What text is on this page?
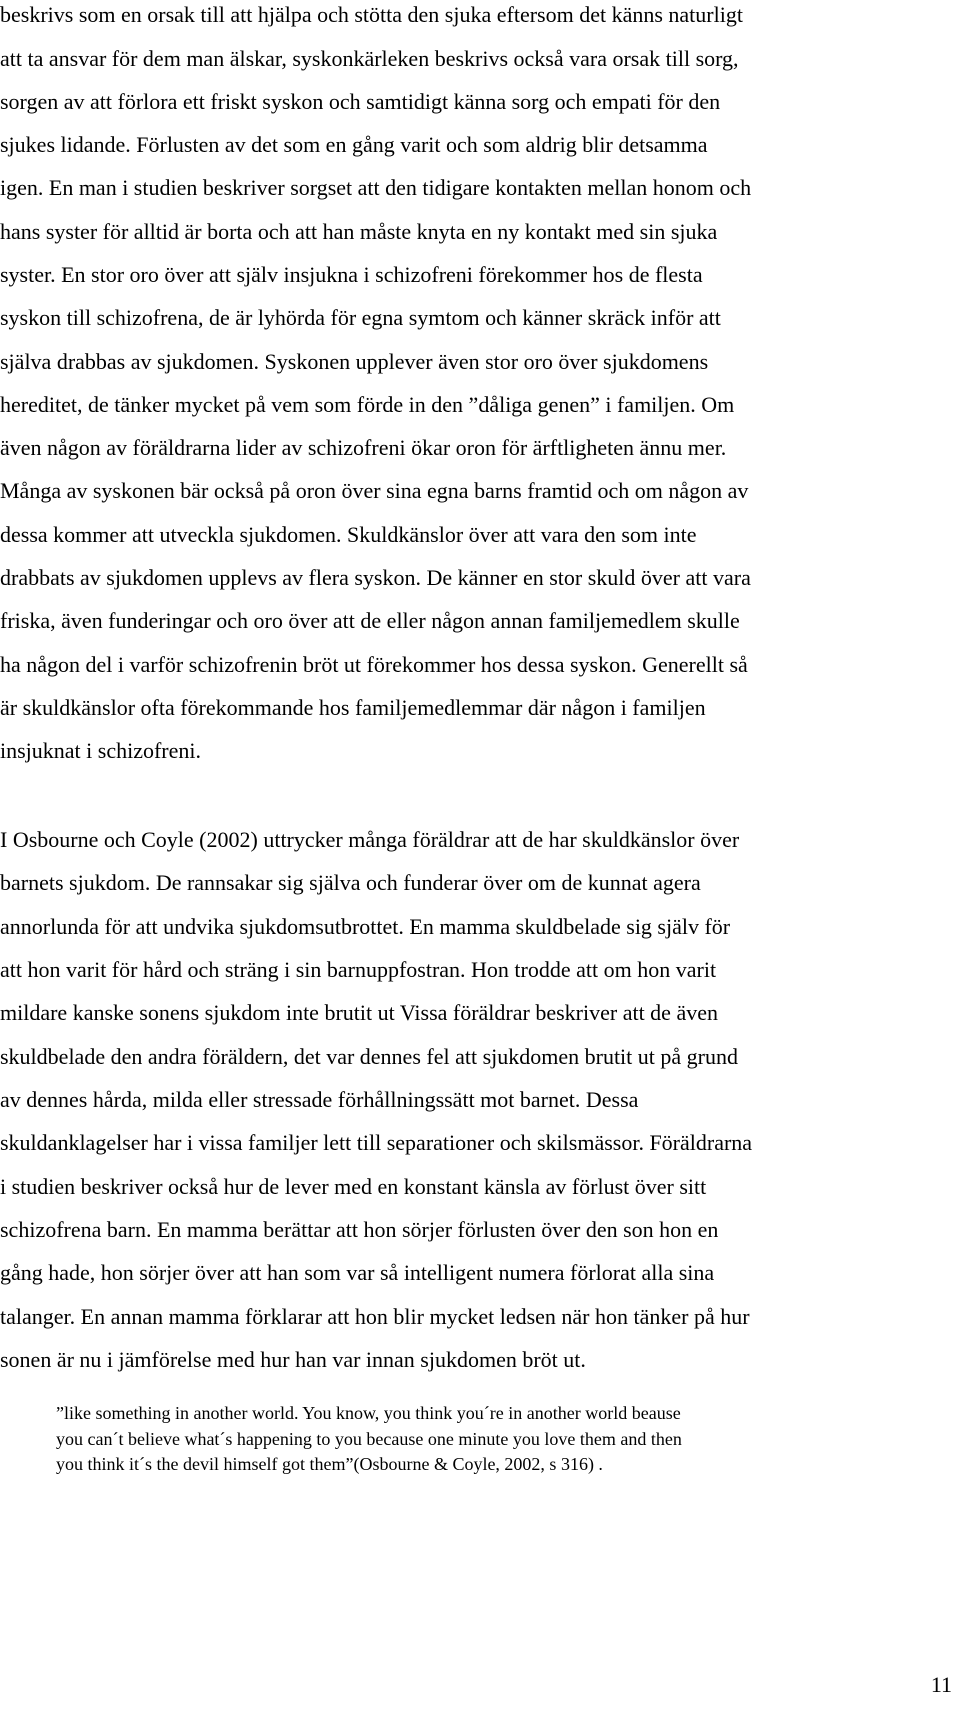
beskrivs som en orsak till att hjälpa och stötta den sjuka eftersom det känns naturligt
att ta ansvar för dem man älskar, syskonkärleken beskrivs också vara orsak till sorg,
sorgen av att förlora ett friskt syskon och samtidigt känna sorg och empati för den
sjukes lidande. Förlusten av det som en gång varit och som aldrig blir detsamma
igen. En man i studien beskriver sorgset att den tidigare kontakten mellan honom och
hans syster för alltid är borta och att han måste knyta en ny kontakt med sin sjuka
syster. En stor oro över att själv insjukna i schizofreni förekommer hos de flesta
syskon till schizofrena, de är lyhörda för egna symtom och känner skräck inför att
själva drabbas av sjukdomen. Syskonen upplever även stor oro över sjukdomens
hereditet, de tänker mycket på vem som förde in den ”dåliga genen” i familjen. Om
även någon av föräldrarna lider av schizofreni ökar oron för ärftligheten ännu mer.
Många av syskonen bär också på oron över sina egna barns framtid och om någon av
dessa kommer att utveckla sjukdomen. Skuldkänslor över att vara den som inte
drabbats av sjukdomen upplevs av flera syskon. De känner en stor skuld över att vara
friska, även funderingar och oro över att de eller någon annan familjemedlem skulle
ha någon del i varför schizofrenin bröt ut förekommer hos dessa syskon. Generellt så
är skuldkänslor ofta förekommande hos familjemedlemmar där någon i familjen
insjuknat i schizofreni.
I Osbourne och Coyle (2002) uttrycker många föräldrar att de har skuldkänslor över
barnets sjukdom. De rannsakar sig själva och funderar över om de kunnat agera
annorlunda för att undvika sjukdomsutbrottet. En mamma skuldbelade sig själv för
att hon varit för hård och sträng i sin barnuppfostran. Hon trodde att om hon varit
mildare kanske sonens sjukdom inte brutit ut Vissa föräldrar beskriver att de även
skuldbelade den andra föräldern, det var dennes fel att sjukdomen brutit ut på grund
av dennes hårda, milda eller stressade förhållningssätt mot barnet. Dessa
skuldanklagelser har i vissa familjer lett till separationer och skilsmässor. Föräldrarna
i studien beskriver också hur de lever med en konstant känsla av förlust över sitt
schizofrena barn. En mamma berättar att hon sörjer förlusten över den son hon en
gång hade, hon sörjer över att han som var så intelligent numera förlorat alla sina
talanger. En annan mamma förklarar att hon blir mycket ledsen när hon tänker på hur
sonen är nu i jämförelse med hur han var innan sjukdomen bröt ut.
”like something in another world. You know, you think you´re in another world beause
you can´t believe what´s happening to you because one minute you love them and then
you think it´s the devil himself got them”(Osbourne & Coyle, 2002, s 316) .
11
